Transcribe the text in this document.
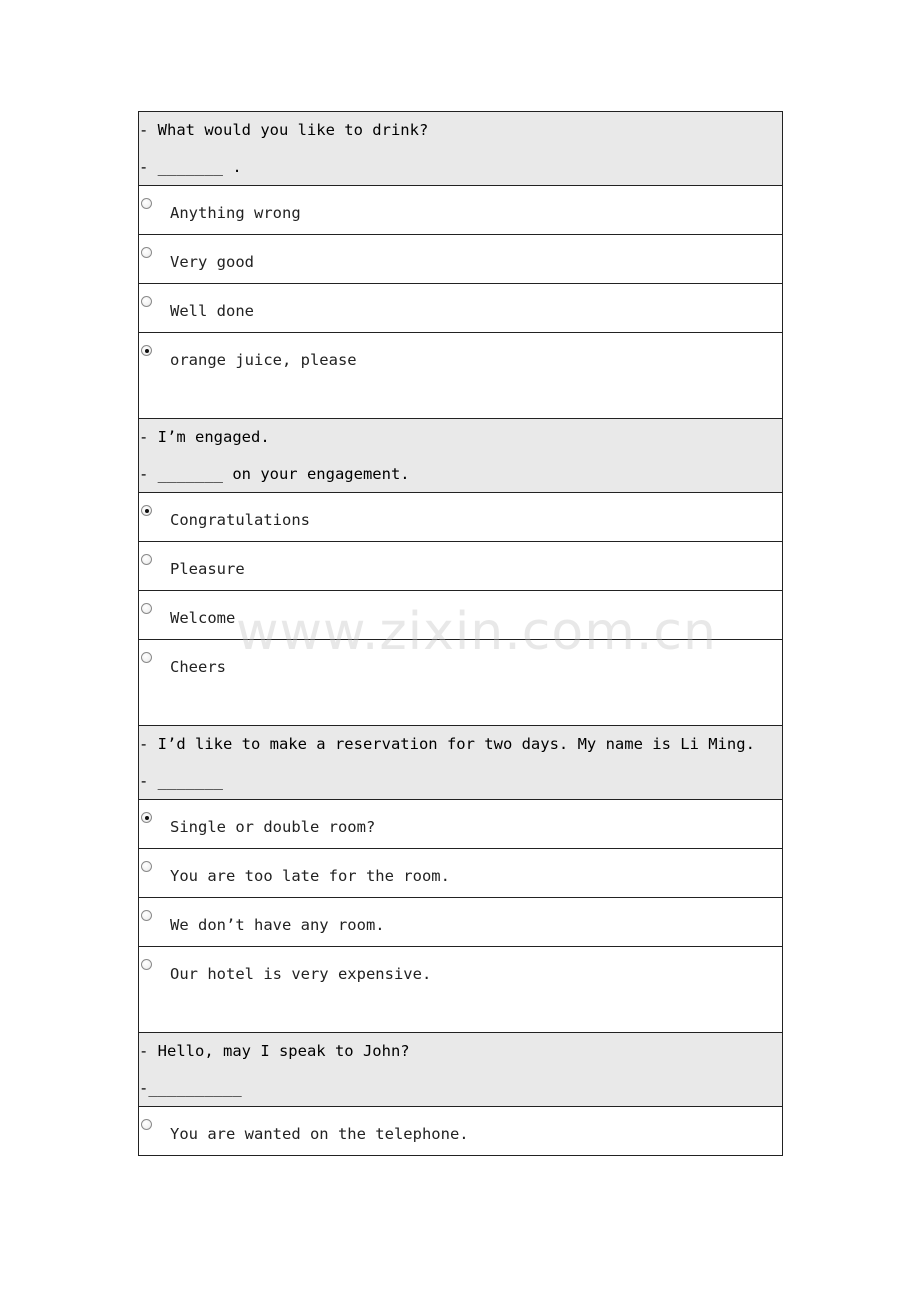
- What would you like to drink?
- _______ .
Anything wrong
Very good
Well done
orange juice, please
- I’m engaged.
- _______ on your engagement.
Congratulations
Pleasure
Welcome
Cheers
- I’d like to make a reservation for two days. My name is Li Ming.
- _______
Single or double room?
You are too late for the room.
We don’t have any room.
Our hotel is very expensive.
- Hello, may I speak to John?
-__________
You are wanted on the telephone.
www.zixin.com.cn
